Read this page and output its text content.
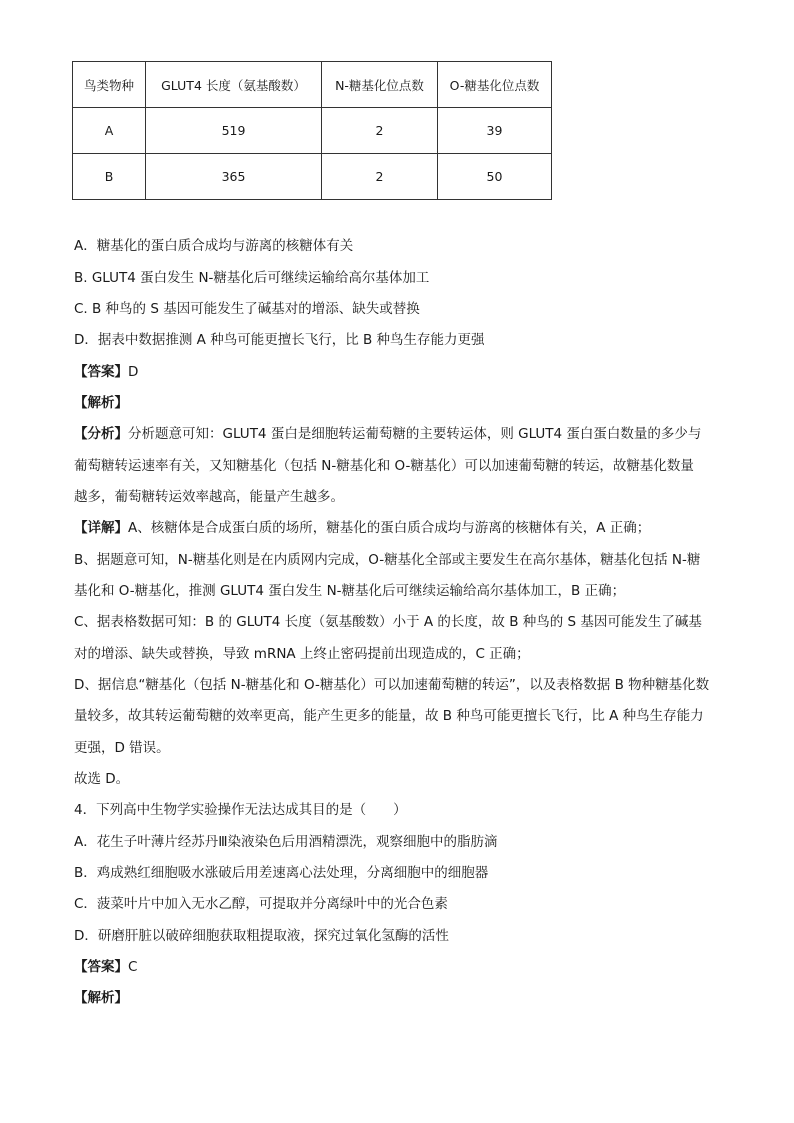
鸟类物种	GLUT4 长度（氨基酸数）	N-糖基化位点数	O-糖基化位点数
A	519	2	39
B	365	2	50
A．糖基化的蛋白质合成均与游离的核糖体有关
B. GLUT4 蛋白发生 N-糖基化后可继续运输给高尔基体加工
C. B 种鸟的 S 基因可能发生了碱基对的增添、缺失或替换
D．据表中数据推测 A 种鸟可能更擅长飞行，比 B 种鸟生存能力更强
【答案】D
【解析】
【分析】分析题意可知：GLUT4 蛋白是细胞转运葡萄糖的主要转运体，则 GLUT4 蛋白蛋白数量的多少与
葡萄糖转运速率有关，又知糖基化（包括 N-糖基化和 O-糖基化）可以加速葡萄糖的转运，故糖基化数量
越多，葡萄糖转运效率越高，能量产生越多。
【详解】A、核糖体是合成蛋白质的场所，糖基化的蛋白质合成均与游离的核糖体有关，A 正确；
B、据题意可知，N-糖基化则是在内质网内完成，O-糖基化全部或主要发生在高尔基体，糖基化包括 N-糖
基化和 O-糖基化，推测 GLUT4 蛋白发生 N-糖基化后可继续运输给高尔基体加工，B 正确；
C、据表格数据可知：B 的 GLUT4 长度（氨基酸数）小于 A 的长度，故 B 种鸟的 S 基因可能发生了碱基
对的增添、缺失或替换，导致 mRNA 上终止密码提前出现造成的，C 正确；
D、据信息“糖基化（包括 N-糖基化和 O-糖基化）可以加速葡萄糖的转运”，以及表格数据 B 物种糖基化数
量较多，故其转运葡萄糖的效率更高，能产生更多的能量，故 B 种鸟可能更擅长飞行，比 A 种鸟生存能力
更强，D 错误。
故选 D。
4．下列高中生物学实验操作无法达成其目的是（　　）
A．花生子叶薄片经苏丹Ⅲ染液染色后用酒精漂洗，观察细胞中的脂肪滴
B．鸡成熟红细胞吸水涨破后用差速离心法处理，分离细胞中的细胞器
C．菠菜叶片中加入无水乙醇，可提取并分离绿叶中的光合色素
D．研磨肝脏以破碎细胞获取粗提取液，探究过氧化氢酶的活性
【答案】C
【解析】
